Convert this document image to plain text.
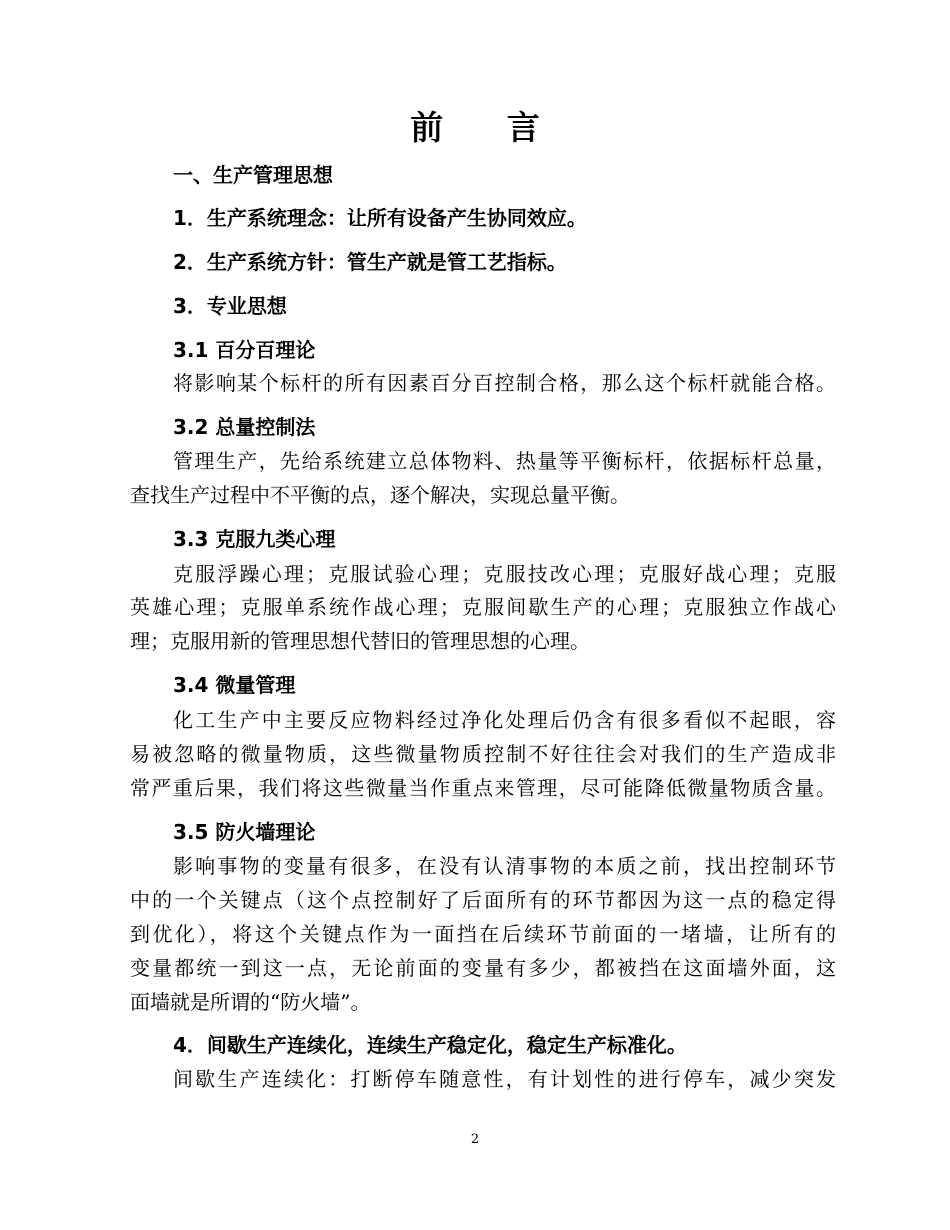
前 言
一、生产管理思想
1．生产系统理念：让所有设备产生协同效应。
2．生产系统方针：管生产就是管工艺指标。
3．专业思想
3.1 百分百理论
将影响某个标杆的所有因素百分百控制合格，那么这个标杆就能合格。
3.2 总量控制法
管理生产，先给系统建立总体物料、热量等平衡标杆，依据标杆总量，
查找生产过程中不平衡的点，逐个解决，实现总量平衡。
3.3 克服九类心理
克服浮躁心理；克服试验心理；克服技改心理；克服好战心理；克服
英雄心理；克服单系统作战心理；克服间歇生产的心理；克服独立作战心
理；克服用新的管理思想代替旧的管理思想的心理。
3.4 微量管理
化工生产中主要反应物料经过净化处理后仍含有很多看似不起眼，容
易被忽略的微量物质，这些微量物质控制不好往往会对我们的生产造成非
常严重后果，我们将这些微量当作重点来管理，尽可能降低微量物质含量。
3.5 防火墙理论
影响事物的变量有很多，在没有认清事物的本质之前，找出控制环节
中的一个关键点（这个点控制好了后面所有的环节都因为这一点的稳定得
到优化），将这个关键点作为一面挡在后续环节前面的一堵墙，让所有的
变量都统一到这一点，无论前面的变量有多少，都被挡在这面墙外面，这
面墙就是所谓的“防火墙”。
4．间歇生产连续化，连续生产稳定化，稳定生产标准化。
间歇生产连续化：打断停车随意性，有计划性的进行停车，减少突发
2
